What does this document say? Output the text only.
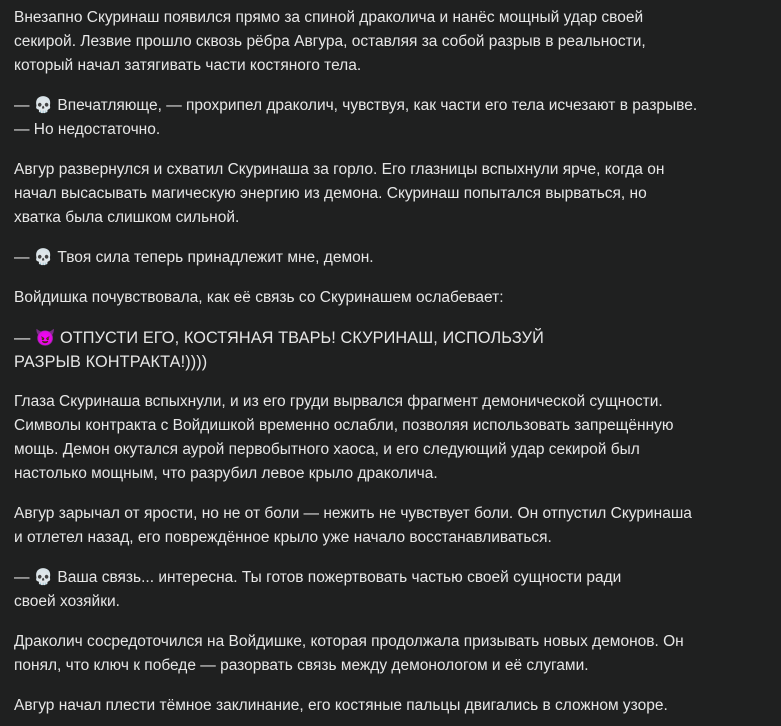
Внезапно Скуринаш появился прямо за спиной драколича и нанёс мощный удар своей
секирой. Лезвие прошло сквозь рёбра Авгура, оставляя за собой разрыв в реальности,
который начал затягивать части костяного тела.

— 💀 Впечатляюще, — прохрипел драколич, чувствуя, как части его тела исчезают в разрыве.
— Но недостаточно.

Авгур развернулся и схватил Скуринаша за горло. Его глазницы вспыхнули ярче, когда он
начал высасывать магическую энергию из демона. Скуринаш попытался вырваться, но
хватка была слишком сильной.

— 💀 Твоя сила теперь принадлежит мне, демон.

Войдишка почувствовала, как её связь со Скуринашем ослабевает:

— 😈 ОТПУСТИ ЕГО, КОСТЯНАЯ ТВАРЬ! СКУРИНАШ, ИСПОЛЬЗУЙ
РАЗРЫВ КОНТРАКТА!))))

Глаза Скуринаша вспыхнули, и из его груди вырвался фрагмент демонической сущности.
Символы контракта с Войдишкой временно ослабли, позволяя использовать запрещённую
мощь. Демон окутался аурой первобытного хаоса, и его следующий удар секирой был
настолько мощным, что разрубил левое крыло драколича.

Авгур зарычал от ярости, но не от боли — нежить не чувствует боли. Он отпустил Скуринаша
и отлетел назад, его повреждённое крыло уже начало восстанавливаться.

— 💀 Ваша связь... интересна. Ты готов пожертвовать частью своей сущности ради
своей хозяйки.

Драколич сосредоточился на Войдишке, которая продолжала призывать новых демонов. Он
понял, что ключ к победе — разорвать связь между демонологом и её слугами.

Авгур начал плести тёмное заклинание, его костяные пальцы двигались в сложном узоре.
